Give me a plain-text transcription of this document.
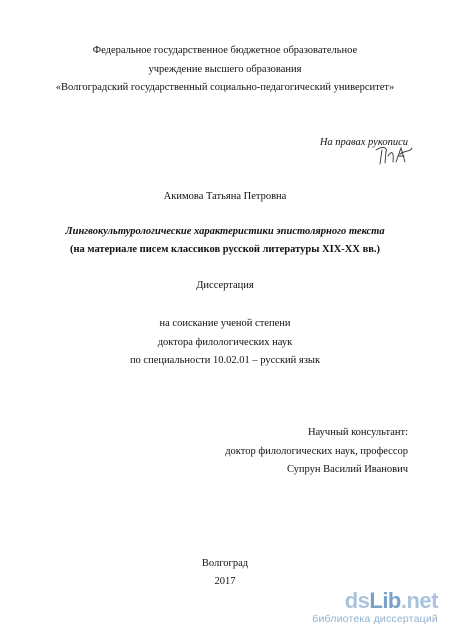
Федеральное государственное бюджетное образовательное
учреждение высшего образования
«Волгоградский государственный социально-педагогический университет»
На правах рукописи
Акимова Татьяна Петровна
Лингвокультурологические характеристики эпистолярного текста
(на материале писем классиков русской литературы XIX-XX вв.)
Диссертация
на соискание ученой степени
доктора филологических наук
по специальности 10.02.01 – русский язык
Научный консультант:
доктор филологических наук, профессор
Супрун Василий Иванович
Волгоград
2017
dsLib.net
библиотека диссертаций
